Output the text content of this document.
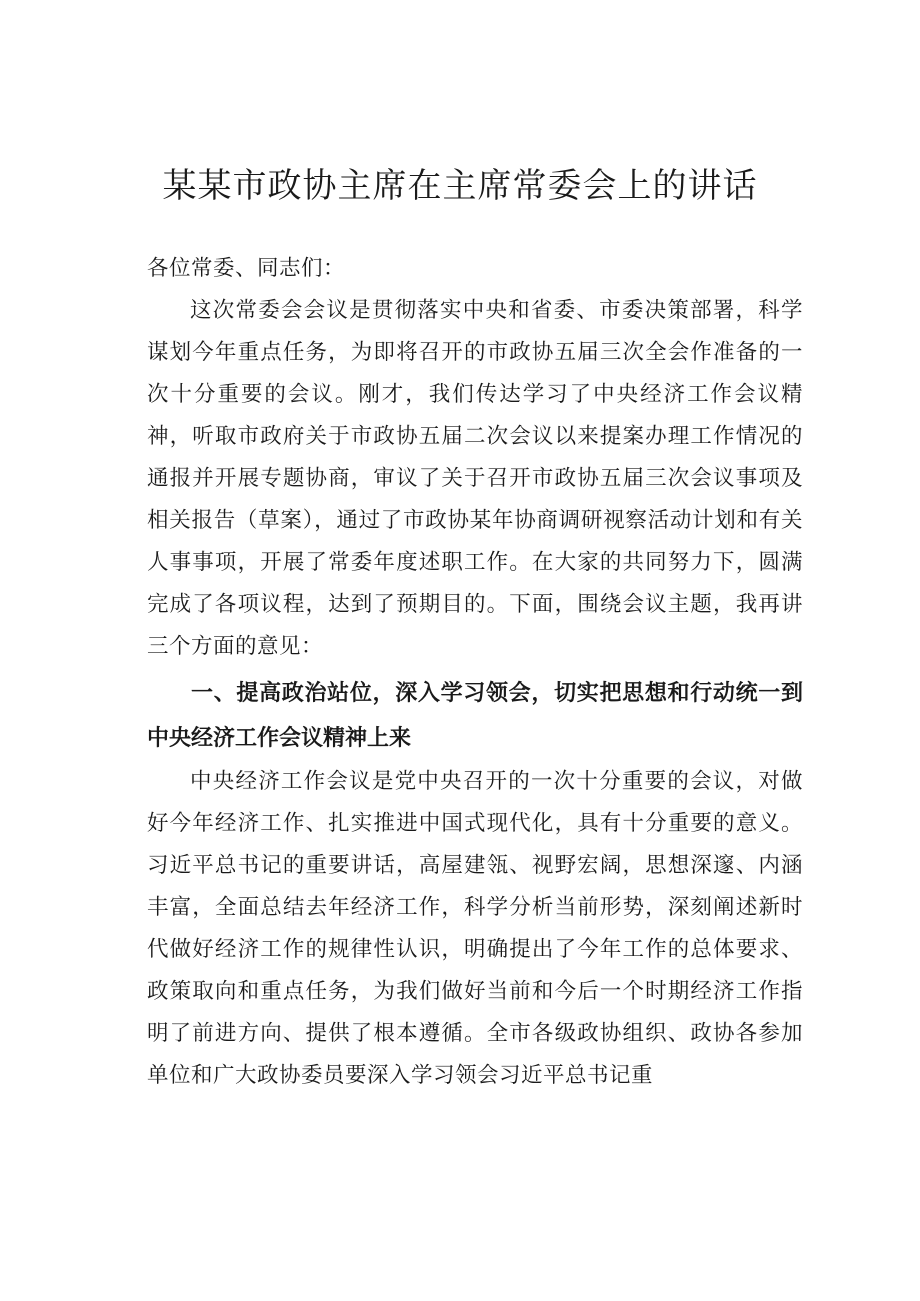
某某市政协主席在主席常委会上的讲话

各位常委、同志们：

这次常委会会议是贯彻落实中央和省委、市委决策部署，科学谋划今年重点任务，为即将召开的市政协五届三次全会作准备的一次十分重要的会议。刚才，我们传达学习了中央经济工作会议精神，听取市政府关于市政协五届二次会议以来提案办理工作情况的通报并开展专题协商，审议了关于召开市政协五届三次会议事项及相关报告（草案），通过了市政协某年协商调研视察活动计划和有关人事事项，开展了常委年度述职工作。在大家的共同努力下，圆满完成了各项议程，达到了预期目的。下面，围绕会议主题，我再讲三个方面的意见：

一、提高政治站位，深入学习领会，切实把思想和行动统一到中央经济工作会议精神上来

中央经济工作会议是党中央召开的一次十分重要的会议，对做好今年经济工作、扎实推进中国式现代化，具有十分重要的意义。习近平总书记的重要讲话，高屋建瓴、视野宏阔，思想深邃、内涵丰富，全面总结去年经济工作，科学分析当前形势，深刻阐述新时代做好经济工作的规律性认识，明确提出了今年工作的总体要求、政策取向和重点任务，为我们做好当前和今后一个时期经济工作指明了前进方向、提供了根本遵循。全市各级政协组织、政协各参加单位和广大政协委员要深入学习领会习近平总书记重
